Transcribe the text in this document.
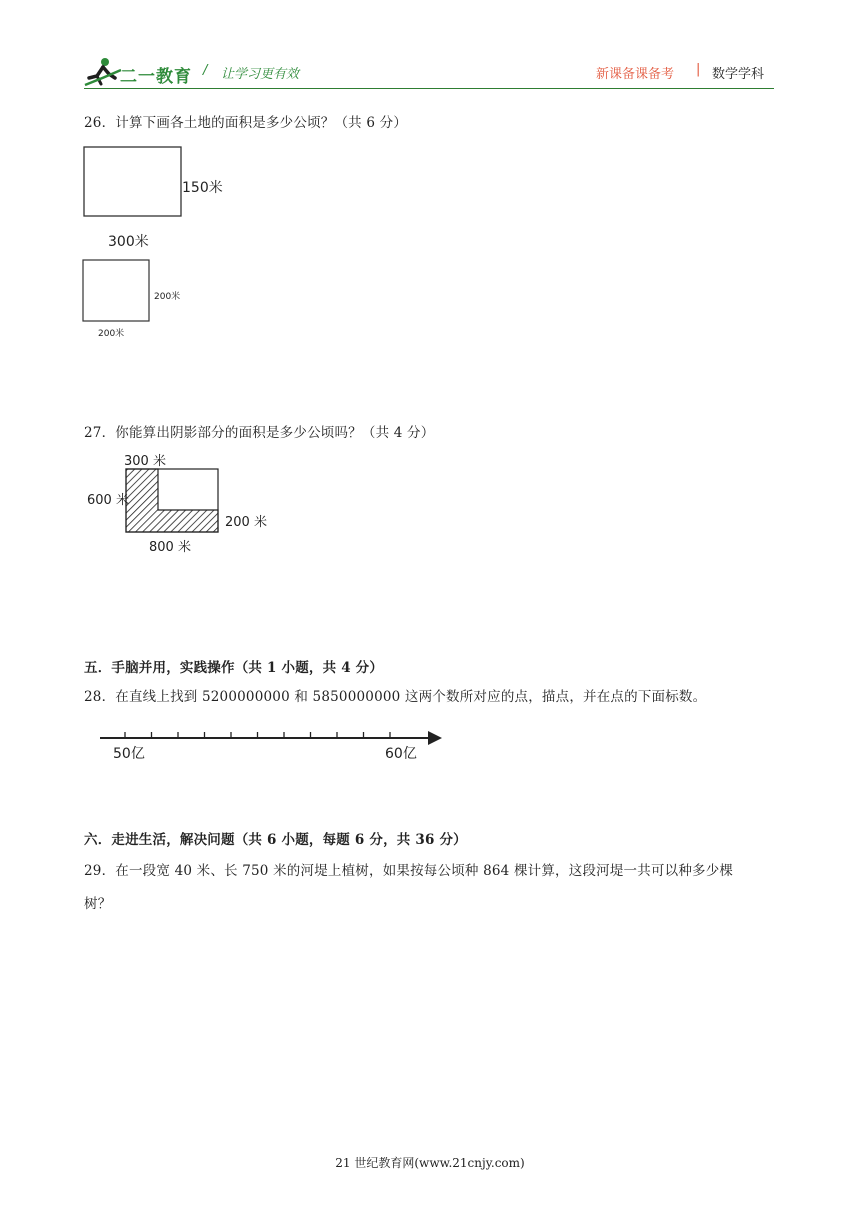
二一教育 / 让学习更有效	新课备课备考 | 数学学科
26．计算下画各土地的面积是多少公顷？（共 6 分）
150米
300米
200米
200米
27．你能算出阴影部分的面积是多少公顷吗？（共 4 分）
300 米
600 米
200 米
800 米
五．手脑并用，实践操作（共 1 小题，共 4 分）
28．在直线上找到 5200000000 和 5850000000 这两个数所对应的点，描点，并在点的下面标数。
50亿	60亿
六．走进生活，解决问题（共 6 小题，每题 6 分，共 36 分）
29．在一段宽 40 米、长 750 米的河堤上植树，如果按每公顷种 864 棵计算，这段河堤一共可以种多少棵
树？
21 世纪教育网(www.21cnjy.com)
